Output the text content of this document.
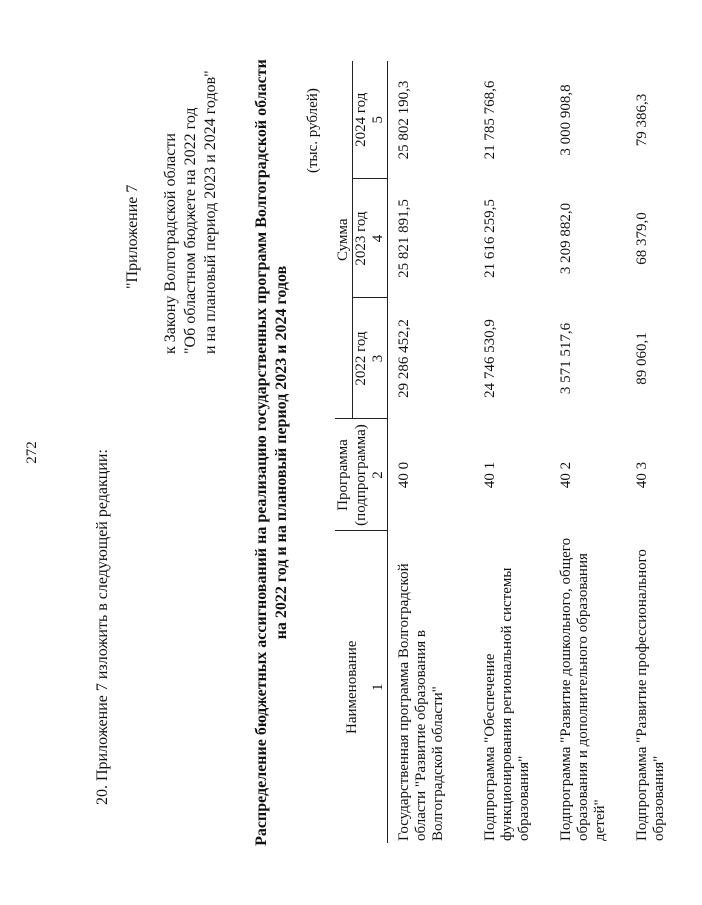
272	20. Приложение 7 изложить в следующей редакции:
"Приложение 7 к Закону Волгоградской области "Об областном бюджете на 2022 год и на плановый период 2023 и 2024 годов" Распределение бюджетных ассигнований на реализацию государственных программ Волгоградской области на 2022 год и на плановый период 2023 и 2024 годов
(тыс. рублей)
Наименование	Программа	Сумма		
	(подпрограмма)	2022 год	2023 год	2024 год
1	2	3	4	5
Государственная программа Волгоградской области "Развитие образования в Волгоградской области"	40 0	29 286 452,2	25 821 891,5	25 802 190,3
Подпрограмма "Обеспечение функционирования региональной системы образования"	40 1	24 746 530,9	21 616 259,5	21 785 768,6
Подпрограмма "Развитие дошкольного, общего образования и дополнительного образования детей"	40 2	3 571 517,6	3 209 882,0	3 000 908,8
Подпрограмма "Развитие профессионального образования"	40 3	89 060,1	68 379,0	79 386,3
